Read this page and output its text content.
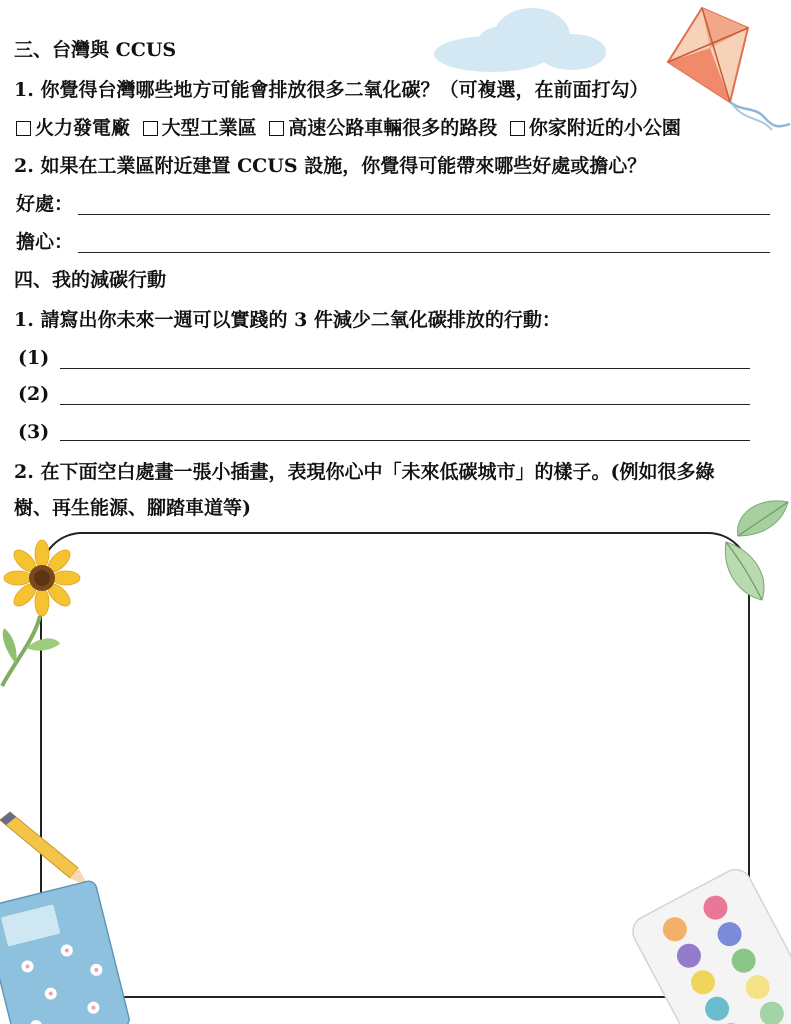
三、台灣與 CCUS
1. 你覺得台灣哪些地方可能會排放很多二氧化碳？（可複選，在前面打勾）
火力發電廠 大型工業區 高速公路車輛很多的路段 你家附近的小公園
2. 如果在工業區附近建置 CCUS 設施，你覺得可能帶來哪些好處或擔心？
好處：
擔心：
四、我的減碳行動
1. 請寫出你未來一週可以實踐的 3 件減少二氧化碳排放的行動：
(1)
(2)
(3)
2. 在下面空白處畫一張小插畫，表現你心中「未來低碳城市」的樣子。(例如很多綠
樹、再生能源、腳踏車道等)
